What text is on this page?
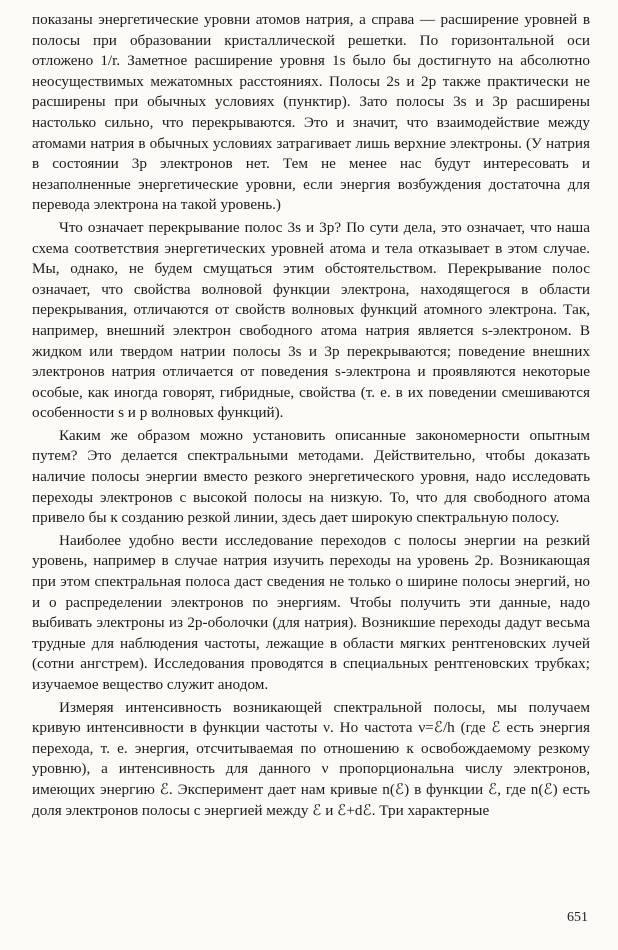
показаны энергетические уровни атомов натрия, а справа — расширение уровней в полосы при образовании кристаллической решетки. По горизонтальной оси отложено 1/r. Заметное расширение уровня 1s было бы достигнуто на абсолютно неосуществимых межатомных расстояниях. Полосы 2s и 2p также практически не расширены при обычных условиях (пунктир). Зато полосы 3s и 3p расширены настолько сильно, что перекрываются. Это и значит, что взаимодействие между атомами натрия в обычных условиях затрагивает лишь верхние электроны. (У натрия в состоянии 3p электронов нет. Тем не менее нас будут интересовать и незаполненные энергетические уровни, если энергия возбуждения достаточна для перевода электрона на такой уровень.)

Что означает перекрывание полос 3s и 3p? По сути дела, это означает, что наша схема соответствия энергетических уровней атома и тела отказывает в этом случае. Мы, однако, не будем смущаться этим обстоятельством. Перекрывание полос означает, что свойства волновой функции электрона, находящегося в области перекрывания, отличаются от свойств волновых функций атомного электрона. Так, например, внешний электрон свободного атома натрия является s-электроном. В жидком или твердом натрии полосы 3s и 3p перекрываются; поведение внешних электронов натрия отличается от поведения s-электрона и проявляются некоторые особые, как иногда говорят, гибридные, свойства (т. е. в их поведении смешиваются особенности s и p волновых функций).

Каким же образом можно установить описанные закономерности опытным путем? Это делается спектральными методами. Действительно, чтобы доказать наличие полосы энергии вместо резкого энергетического уровня, надо исследовать переходы электронов с высокой полосы на низкую. То, что для свободного атома привело бы к созданию резкой линии, здесь дает широкую спектральную полосу.

Наиболее удобно вести исследование переходов с полосы энергии на резкий уровень, например в случае натрия изучить переходы на уровень 2p. Возникающая при этом спектральная полоса даст сведения не только о ширине полосы энергий, но и о распределении электронов по энергиям. Чтобы получить эти данные, надо выбивать электроны из 2p-оболочки (для натрия). Возникшие переходы дадут весьма трудные для наблюдения частоты, лежащие в области мягких рентгеновских лучей (сотни ангстрем). Исследования проводятся в специальных рентгеновских трубках; изучаемое вещество служит анодом.

Измеряя интенсивность возникающей спектральной полосы, мы получаем кривую интенсивности в функции частоты ν. Но частота ν=ℰ/h (где ℰ есть энергия перехода, т. е. энергия, отсчитываемая по отношению к освобождаемому резкому уровню), а интенсивность для данного ν пропорциональна числу электронов, имеющих энергию ℰ. Эксперимент дает нам кривые n(ℰ) в функции ℰ, где n(ℰ) есть доля электронов полосы с энергией между ℰ и ℰ+dℰ. Три характерные

651
